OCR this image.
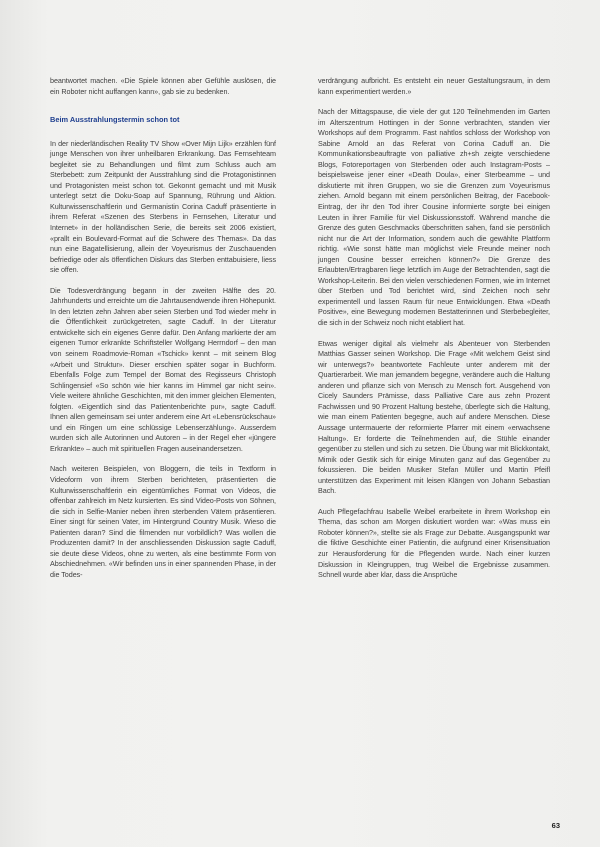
beantwortet machen. «Die Spiele können aber Gefühle auslösen, die ein Roboter nicht auffangen kann», gab sie zu bedenken.

Beim Ausstrahlungstermin schon tot

In der niederländischen Reality TV Show «Over Mijn Lijk» erzählen fünf junge Menschen von ihrer unheilbaren Erkrankung. Das Fernsehteam begleitet sie zu Behandlungen und filmt zum Schluss auch am Sterbebett: zum Zeitpunkt der Ausstrahlung sind die Protagonistinnen und Protagonisten meist schon tot. Gekonnt gemacht und mit Musik unterlegt setzt die Doku-Soap auf Spannung, Rührung und Aktion. Kulturwissenschaftlerin und Germanistin Corina Caduff präsentierte in ihrem Referat «Szenen des Sterbens in Fernsehen, Literatur und Internet» in der holländischen Serie, die bereits seit 2006 existiert, «prallt ein Boulevard-Format auf die Schwere des Themas». Da das nun eine Bagatellisierung, allein der Voyeurismus der Zuschauenden befriedige oder als öffentlichen Diskurs das Sterben enttabuisiere, liess sie offen.

Die Todesverdrängung begann in der zweiten Hälfte des 20. Jahrhunderts und erreichte um die Jahrtausendwende ihren Höhepunkt. In den letzten zehn Jahren aber seien Sterben und Tod wieder mehr in die Öffentlichkeit zurückgetreten, sagte Caduff. In der Literatur entwickelte sich ein eigenes Genre dafür. Den Anfang markierte der am eigenen Tumor erkrankte Schriftsteller Wolfgang Herrndorf – den man von seinem Roadmovie-Roman «Tschick» kennt – mit seinem Blog «Arbeit und Struktur». Dieser erschien später sogar in Buchform. Ebenfalls Folge zum Tempel der Bomat des Regisseurs Christoph Schlingensief «So schön wie hier kanns im Himmel gar nicht sein». Viele weitere ähnliche Geschichten, mit den immer gleichen Elementen, folgten. «Eigentlich sind das Patientenberichte pur», sagte Caduff. Ihnen allen gemeinsam sei unter anderem eine Art «Lebensrückschau» und ein Ringen um eine schlüssige Lebenserzählung». Ausserdem wurden sich alle Autorinnen und Autoren – in der Regel eher «jüngere Erkrankte» – auch mit spirituellen Fragen auseinandersetzen.

Nach weiteren Beispielen, von Bloggern, die teils in Textform in Videoform von ihrem Sterben berichteten, präsentierten die Kulturwissenschaftlerin ein eigentümliches Format von Videos, die offenbar zahlreich im Netz kursierten. Es sind Video-Posts von Söhnen, die sich in Selfie-Manier neben ihren sterbenden Vätern präsentieren. Einer singt für seinen Vater, im Hintergrund Country Musik. Wieso die Patienten daran? Sind die filmenden nur vorbildlich? Was wollen die Produzenten damit? In der anschliessenden Diskussion sagte Caduff, sie deute diese Videos, ohne zu werten, als eine bestimmte Form von Abschiednehmen. «Wir befinden uns in einer spannenden Phase, in der die Todes-

verdrängung aufbricht. Es entsteht ein neuer Gestaltungsraum, in dem kann experimentiert werden.»

Nach der Mittagspause, die viele der gut 120 Teilnehmenden im Garten im Alterszentrum Hottingen in der Sonne verbrachten, standen vier Workshops auf dem Programm. Fast nahtlos schloss der Workshop von Sabine Arnold an das Referat von Corina Caduff an. Die Kommunikationsbeauftragte von palliative zh+sh zeigte verschiedene Blogs, Fotoreportagen von Sterbenden oder auch Instagram-Posts – beispielsweise jener einer «Death Doula», einer Sterbeamme – und diskutierte mit ihren Gruppen, wo sie die Grenzen zum Voyeurismus ziehen. Arnold begann mit einem persönlichen Beitrag, der Facebook-Eintrag, der ihr den Tod ihrer Cousine informierte sorgte bei einigen Leuten in ihrer Familie für viel Diskussionsstoff. Während manche die Grenze des guten Geschmacks überschritten sahen, fand sie persönlich nicht nur die Art der Information, sondern auch die gewählte Plattform richtig. «Wie sonst hätte man möglichst viele Freunde meiner noch jungen Cousine besser erreichen können?» Die Grenze des Erlaubten/Ertragbaren liege letztlich im Auge der Betrachtenden, sagt die Workshop-Leiterin. Bei den vielen verschiedenen Formen, wie im Internet über Sterben und Tod berichtet wird, sind Zeichen noch sehr experimentell und lassen Raum für neue Entwicklungen. Etwa «Death Positive», eine Bewegung modernen Bestatterinnen und Sterbebegleiter, die sich in der Schweiz noch nicht etabliert hat.

Etwas weniger digital als vielmehr als Abenteuer von Sterbenden Matthias Gasser seinen Workshop. Die Frage «Mit welchem Geist sind wir unterwegs?» beantwortete Fachleute unter anderem mit der Quartierarbeit. Wie man jemandem begegne, verändere auch die Haltung anderen und pflanze sich von Mensch zu Mensch fort. Ausgehend von Cicely Saunders Prämisse, dass Palliative Care aus zehn Prozent Fachwissen und 90 Prozent Haltung bestehe, überlegte sich die Haltung, wie man einem Patienten begegne, auch auf andere Menschen. Diese Aussage untermauerte der reformierte Pfarrer mit einem «erwachsene Haltung». Er forderte die Teilnehmenden auf, die Stühle einander gegenüber zu stellen und sich zu setzen. Die Übung war mit Blickkontakt, Mimik oder Gestik sich für einige Minuten ganz auf das Gegenüber zu fokussieren. Die beiden Musiker Stefan Müller und Martin Pfeifl unterstützen das Experiment mit leisen Klängen von Johann Sebastian Bach.

Auch Pflegefachfrau Isabelle Weibel erarbeitete in ihrem Workshop ein Thema, das schon am Morgen diskutiert worden war: «Was muss ein Roboter können?», stellte sie als Frage zur Debatte. Ausgangspunkt war die fiktive Geschichte einer Patientin, die aufgrund einer Krisensituation zur Herausforderung für die Pflegenden wurde. Nach einer kurzen Diskussion in Kleingruppen, trug Weibel die Ergebnisse zusammen. Schnell wurde aber klar, dass die Ansprüche

63
